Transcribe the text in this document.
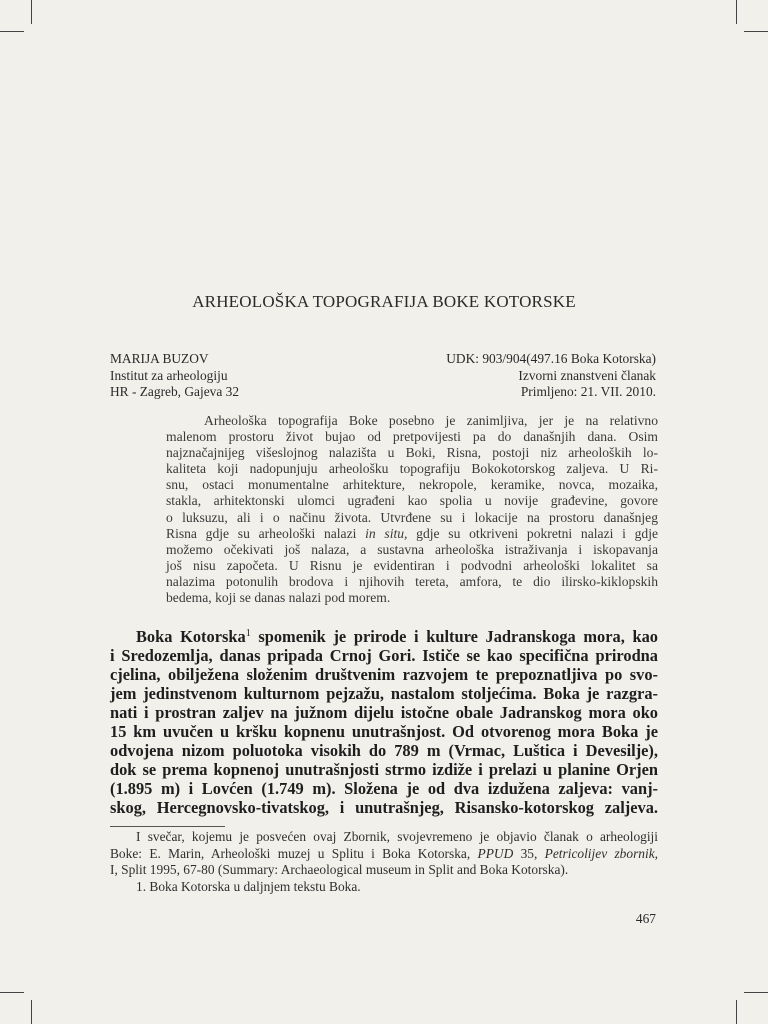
ARHEOLOŠKA TOPOGRAFIJA BOKE KOTORSKE
MARIJA BUZOV
Institut za arheologiju
HR - Zagreb, Gajeva 32
UDK: 903/904(497.16 Boka Kotorska)
Izvorni znanstveni članak
Primljeno: 21. VII. 2010.
Arheološka topografija Boke posebno je zanimljiva, jer je na relativno
malenom prostoru život bujao od pretpovijesti pa do današnjih dana. Osim
najznačajnijeg višeslojnog nalazišta u Boki, Risna, postoji niz arheoloških lo-
kaliteta koji nadopunjuju arheološku topografiju Bokokotorskog zaljeva. U Ri-
snu, ostaci monumentalne arhitekture, nekropole, keramike, novca, mozaika,
stakla, arhitektonski ulomci ugrađeni kao spolia u novije građevine, govore
o luksuzu, ali i o načinu života. Utvrđene su i lokacije na prostoru današnjeg
Risna gdje su arheološki nalazi in situ, gdje su otkriveni pokretni nalazi i gdje
možemo očekivati još nalaza, a sustavna arheološka istraživanja i iskopavanja
još nisu započeta. U Risnu je evidentiran i podvodni arheološki lokalitet sa
nalazima potonulih brodova i njihovih tereta, amfora, te dio ilirsko-kiklopskih
bedema, koji se danas nalazi pod morem.
Boka Kotorska$^1$ spomenik je prirode i kulture Jadranskoga mora, kao
i Sredozemlja, danas pripada Crnoj Gori. Ističe se kao specifična prirodna
cjelina, obilježena složenim društvenim razvojem te prepoznatljiva po svo-
jem jedinstvenom kulturnom pejzažu, nastalom stoljećima. Boka je razgra-
nati i prostran zaljev na južnom dijelu istočne obale Jadranskog mora oko
15 km uvučen u kršku kopnenu unutrašnjost. Od otvorenog mora Boka je
odvojena nizom poluotoka visokih do 789 m (Vrmac, Luštica i Devesilje),
dok se prema kopnenoj unutrašnjosti strmo izdiže i prelazi u planine Orjen
(1.895 m) i Lovćen (1.749 m). Složena je od dva izdužena zaljeva: vanj-
skog, Hercegnovsko-tivatskog, i unutrašnjeg, Risansko-kotorskog zaljeva.
I svečar, kojemu je posvećen ovaj Zbornik, svojevremeno je objavio članak o arheologiji
Boke: E. Marin, Arheološki muzej u Splitu i Boka Kotorska, PPUD 35, Petricolijev zbornik,
I, Split 1995, 67-80 (Summary: Archaeological museum in Split and Boka Kotorska).
1. Boka Kotorska u daljnjem tekstu Boka.
467
